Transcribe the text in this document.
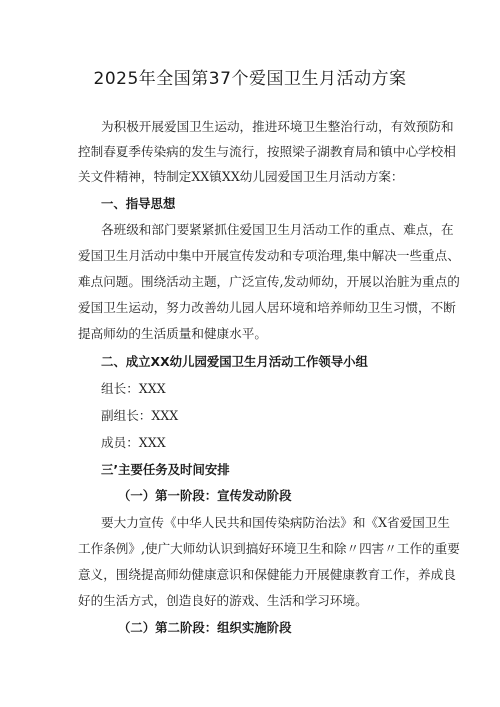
2025年全国第37个爱国卫生月活动方案
为积极开展爱国卫生运动，推进环境卫生整治行动，有效预防和
控制春夏季传染病的发生与流行，按照梁子湖教育局和镇中心学校相
关文件精神，特制定XX镇XX幼儿园爱国卫生月活动方案：
一、指导思想
各班级和部门要紧紧抓住爱国卫生月活动工作的重点、难点，在
爱国卫生月活动中集中开展宣传发动和专项治理,集中解决一些重点、
难点问题。围绕活动主题，广泛宣传,发动师幼，开展以治脏为重点的
爱国卫生运动，努力改善幼儿园人居环境和培养师幼卫生习惯，不断
提高师幼的生活质量和健康水平。
二、成立XX幼儿园爱国卫生月活动工作领导小组
组长：XXX
副组长：XXX
成员：XXX
三’主要任务及时间安排
（一）第一阶段：宣传发动阶段
要大力宣传《中华人民共和国传染病防治法》和《X省爱国卫生
工作条例》,使广大师幼认识到搞好环境卫生和除〃四害〃工作的重要
意义，围绕提高师幼健康意识和保健能力开展健康教育工作，养成良
好的生活方式，创造良好的游戏、生活和学习环境。
（二）第二阶段：组织实施阶段
